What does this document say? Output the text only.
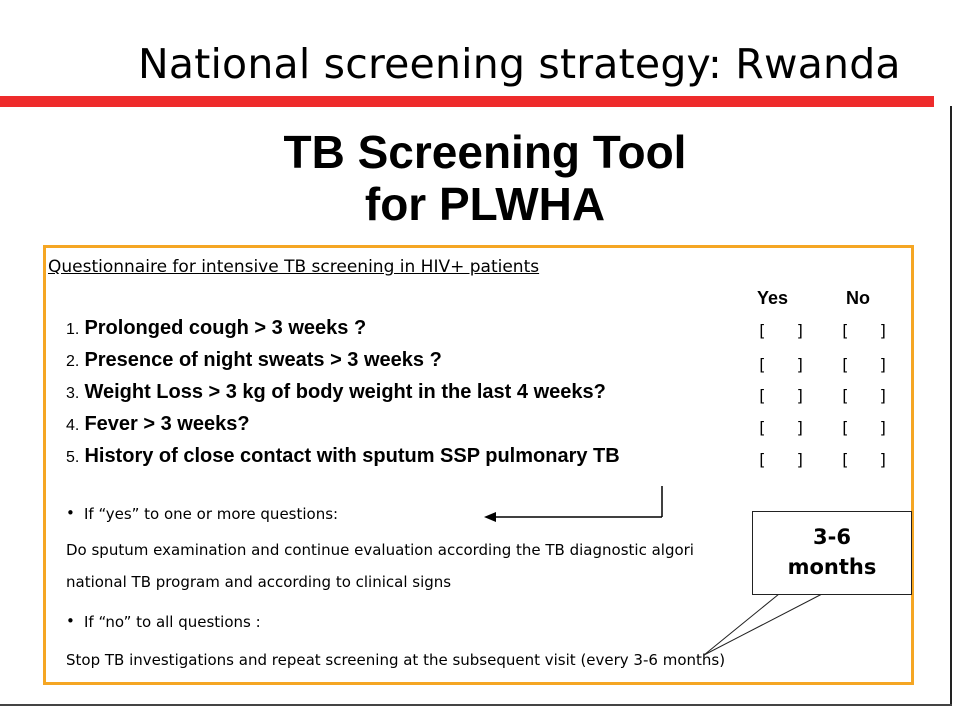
National screening strategy: Rwanda
TB Screening Tool
for PLWHA
Questionnaire for intensive TB screening in HIV+ patients
Yes	No
1. Prolonged cough > 3 weeks ?	[   ] [   ]
2. Presence of night sweats > 3 weeks ?	[   ] [   ]
3. Weight Loss > 3 kg of body weight in the last 4 weeks?	[   ] [   ]
4. Fever > 3 weeks?	[   ] [   ]
5. History of close contact with sputum SSP pulmonary TB	[   ] [   ]
• If “yes” to one or more questions:
Do sputum examination and continue evaluation according the TB diagnostic algori
national TB program and according to clinical signs
• If “no” to all questions :
Stop TB investigations and repeat screening at the subsequent visit (every 3-6 months)
3-6
months
